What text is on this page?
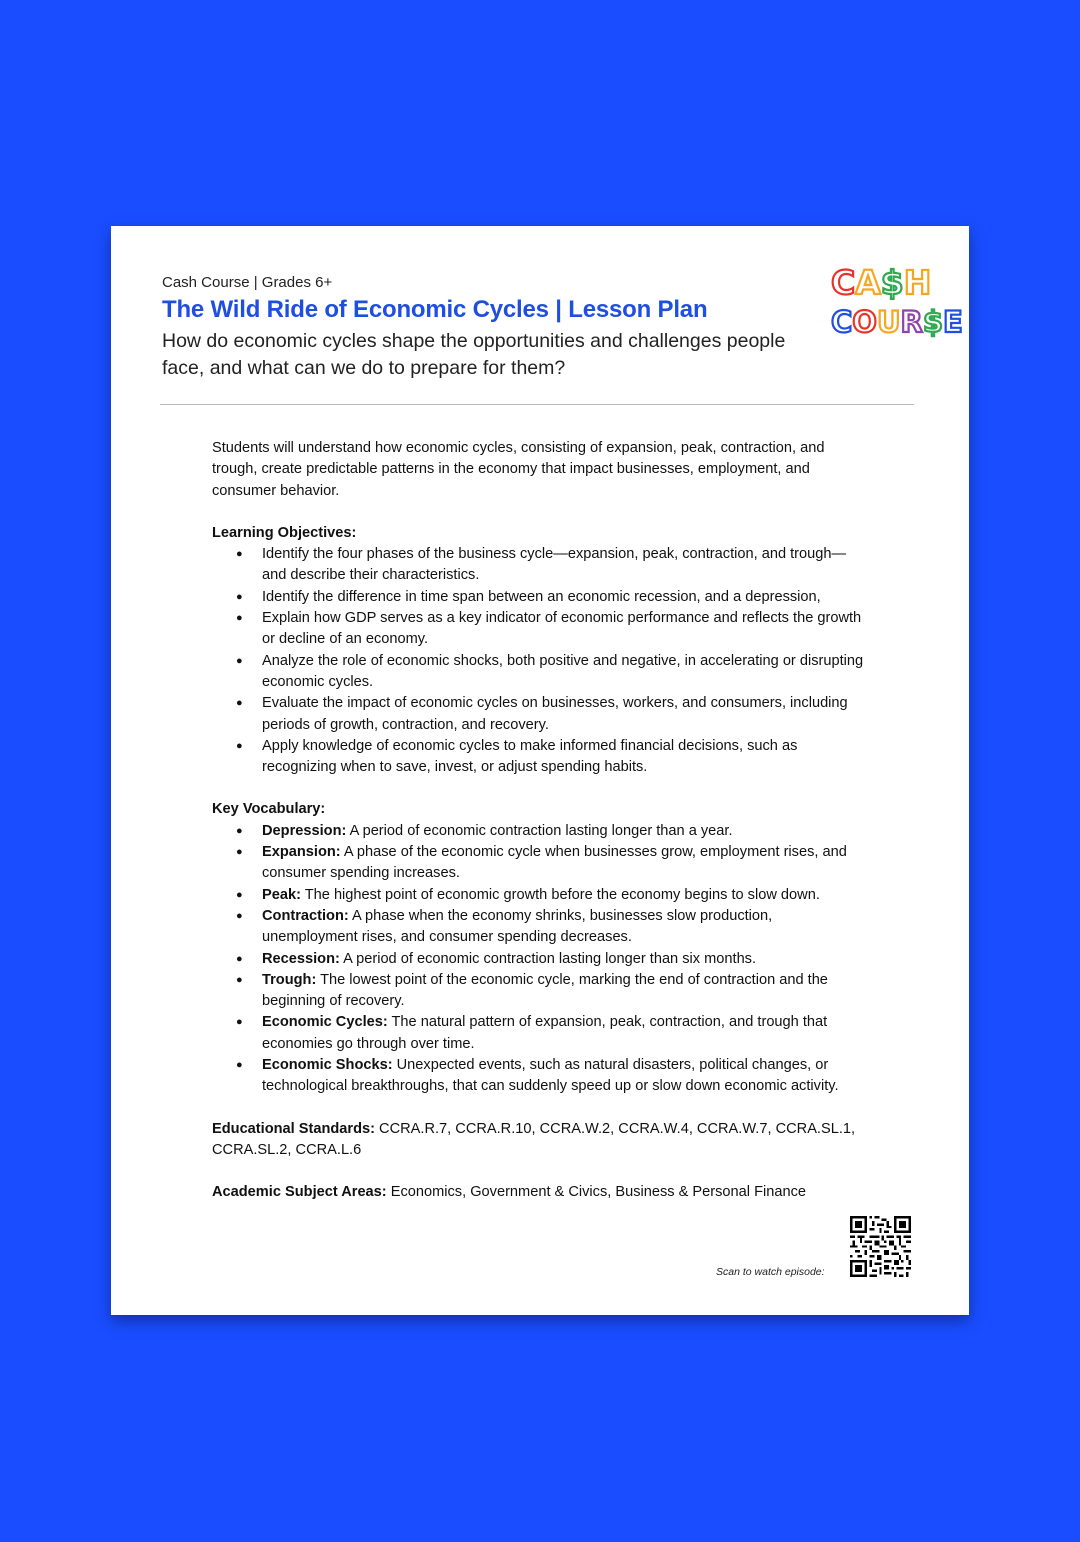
Cash Course | Grades 6+
The Wild Ride of Economic Cycles | Lesson Plan
How do economic cycles shape the opportunities and challenges people face, and what can we do to prepare for them?
CA$H
COUR$E

Students will understand how economic cycles, consisting of expansion, peak, contraction, and trough, create predictable patterns in the economy that impact businesses, employment, and consumer behavior.

Learning Objectives:

● Identify the four phases of the business cycle—expansion, peak, contraction, and trough—and describe their characteristics.
● Identify the difference in time span between an economic recession, and a depression,
● Explain how GDP serves as a key indicator of economic performance and reflects the growth or decline of an economy.
● Analyze the role of economic shocks, both positive and negative, in accelerating or disrupting economic cycles.
● Evaluate the impact of economic cycles on businesses, workers, and consumers, including periods of growth, contraction, and recovery.
● Apply knowledge of economic cycles to make informed financial decisions, such as recognizing when to save, invest, or adjust spending habits.

Key Vocabulary:

● Depression: A period of economic contraction lasting longer than a year.
● Expansion: A phase of the economic cycle when businesses grow, employment rises, and consumer spending increases.
● Peak: The highest point of economic growth before the economy begins to slow down.
● Contraction: A phase when the economy shrinks, businesses slow production, unemployment rises, and consumer spending decreases.
● Recession: A period of economic contraction lasting longer than six months.
● Trough: The lowest point of the economic cycle, marking the end of contraction and the beginning of recovery.
● Economic Cycles: The natural pattern of expansion, peak, contraction, and trough that economies go through over time.
● Economic Shocks: Unexpected events, such as natural disasters, political changes, or technological breakthroughs, that can suddenly speed up or slow down economic activity.

Educational Standards: CCRA.R.7, CCRA.R.10, CCRA.W.2, CCRA.W.4, CCRA.W.7, CCRA.SL.1, CCRA.SL.2, CCRA.L.6

Academic Subject Areas: Economics, Government & Civics, Business & Personal Finance

Scan to watch episode:
